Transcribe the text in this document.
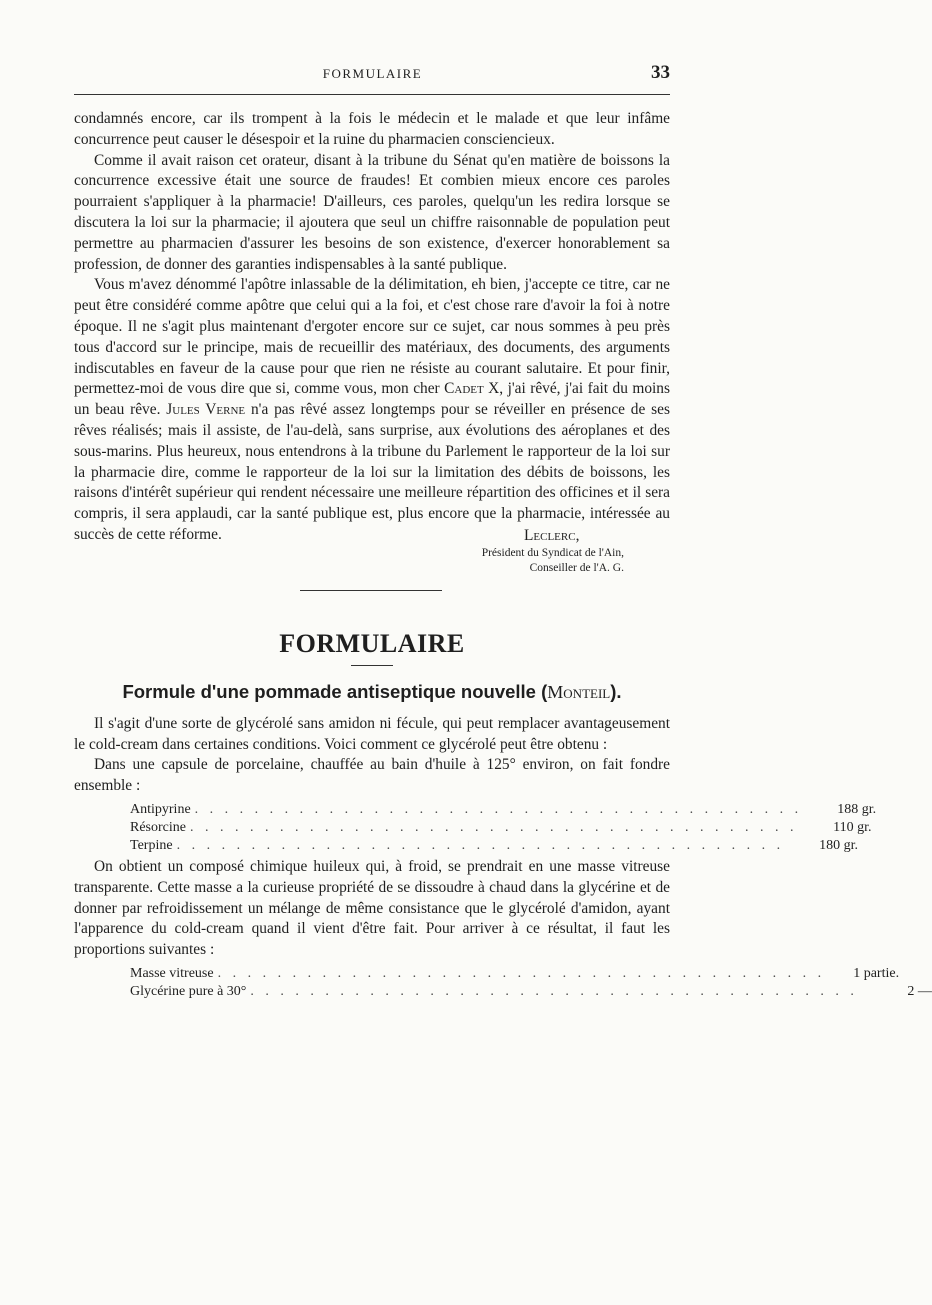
FORMULAIRE	33

condamnés encore, car ils trompent à la fois le médecin et le malade et que leur infâme concurrence peut causer le désespoir et la ruine du pharmacien consciencieux.

Comme il avait raison cet orateur, disant à la tribune du Sénat qu'en matière de boissons la concurrence excessive était une source de fraudes! Et combien mieux encore ces paroles pourraient s'appliquer à la pharmacie! D'ailleurs, ces paroles, quelqu'un les redira lorsque se discutera la loi sur la pharmacie; il ajoutera que seul un chiffre raisonnable de population peut permettre au pharmacien d'assurer les besoins de son existence, d'exercer honorablement sa profession, de donner des garanties indispensables à la santé publique.

Vous m'avez dénommé l'apôtre inlassable de la délimitation, eh bien, j'accepte ce titre, car ne peut être considéré comme apôtre que celui qui a la foi, et c'est chose rare d'avoir la foi à notre époque. Il ne s'agit plus maintenant d'ergoter encore sur ce sujet, car nous sommes à peu près tous d'accord sur le principe, mais de recueillir des matériaux, des documents, des arguments indiscutables en faveur de la cause pour que rien ne résiste au courant salutaire. Et pour finir, permettez-moi de vous dire que si, comme vous, mon cher Cadet X, j'ai rêvé, j'ai fait du moins un beau rêve. Jules Verne n'a pas rêvé assez longtemps pour se réveiller en présence de ses rêves réalisés; mais il assiste, de l'au-delà, sans surprise, aux évolutions des aéroplanes et des sous-marins. Plus heureux, nous entendrons à la tribune du Parlement le rapporteur de la loi sur la pharmacie dire, comme le rapporteur de la loi sur la limitation des débits de boissons, les raisons d'intérêt supérieur qui rendent nécessaire une meilleure répartition des officines et il sera compris, il sera applaudi, car la santé publique est, plus encore que la pharmacie, intéressée au succès de cette réforme.	Leclerc,
Président du Syndicat de l'Ain,
Conseiller de l'A. G.
FORMULAIRE
Formule d'une pommade antiseptique nouvelle (Monteil).

Il s'agit d'une sorte de glycérolé sans amidon ni fécule, qui peut remplacer avantageusement le cold-cream dans certaines conditions. Voici comment ce glycérolé peut être obtenu :

Dans une capsule de porcelaine, chauffée au bain d'huile à 125° environ, on fait fondre ensemble :

Antipyrine . . . . . . . . . . . . . . . . . . . . . . . . . . . . . . . . . . . . . . . . .	188 gr.
Résorcine . . . . . . . . . . . . . . . . . . . . . . . . . . . . . . . . . . . . . . . . .	110 gr.
Terpine . . . . . . . . . . . . . . . . . . . . . . . . . . . . . . . . . . . . . . . . .	180 gr.

On obtient un composé chimique huileux qui, à froid, se prendrait en une masse vitreuse transparente. Cette masse a la curieuse propriété de se dissoudre à chaud dans la glycérine et de donner par refroidissement un mélange de même consistance que le glycérolé d'amidon, ayant l'apparence du cold-cream quand il vient d'être fait. Pour arriver à ce résultat, il faut les proportions suivantes :

Masse vitreuse . . . . . . . . . . . . . . . . . . . . . . . . . . . . . . . . . . . . . . . . .	1 partie.
Glycérine pure à 30° . . . . . . . . . . . . . . . . . . . . . . . . . . . . . . . . . . . . . . . . .	2 —
